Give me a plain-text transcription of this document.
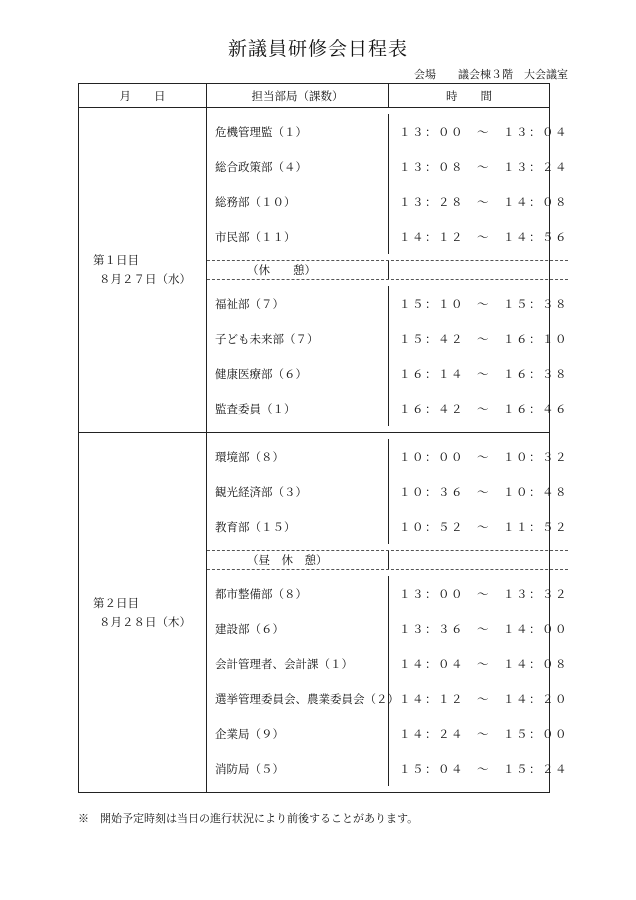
新議員研修会日程表
会場　　議会棟３階　大会議室
月　　日	担当部局（課数）	時　　間
第１日目
８月２７日（水）
危機管理監（１）	１３：００　～　１３：０４
総合政策部（４）	１３：０８　～　１３：２４
総務部（１０）	１３：２８　～　１４：０８
市民部（１１）	１４：１２　～　１４：５６
（休　　憩）
福祉部（７）	１５：１０　～　１５：３８
子ども未来部（７）	１５：４２　～　１６：１０
健康医療部（６）	１６：１４　～　１６：３８
監査委員（１）	１６：４２　～　１６：４６
第２日目
８月２８日（木）
環境部（８）	１０：００　～　１０：３２
観光経済部（３）	１０：３６　～　１０：４８
教育部（１５）	１０：５２　～　１１：５２
（昼　休　憩）
都市整備部（８）	１３：００　～　１３：３２
建設部（６）	１３：３６　～　１４：００
会計管理者、会計課（１）	１４：０４　～　１４：０８
選挙管理委員会、農業委員会（２） １４：１２　～　１４：２０
企業局（９）	１４：２４　～　１５：００
消防局（５）	１５：０４　～　１５：２４
※　開始予定時刻は当日の進行状況により前後することがあります。
